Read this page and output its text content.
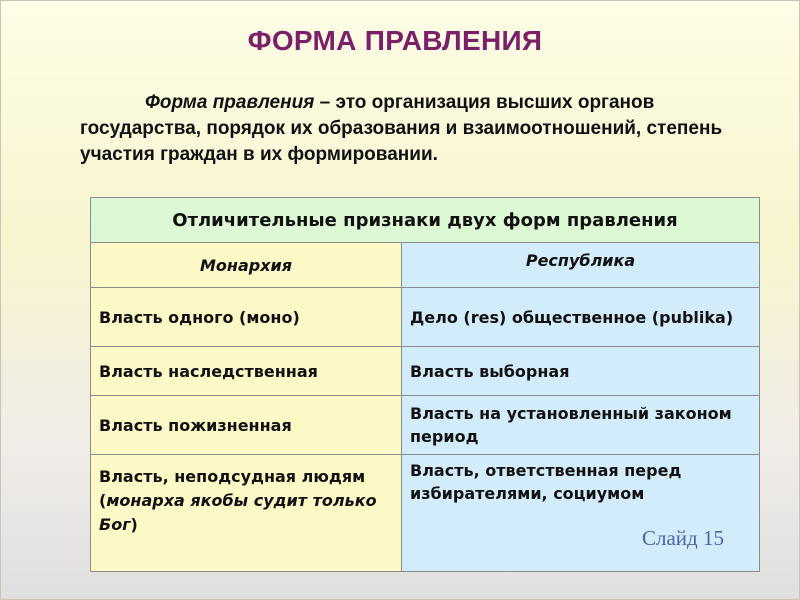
ФОРМА ПРАВЛЕНИЯ
Форма правления – это организация высших органов государства, порядок их образования и взаимоотношений, степень участия граждан в их формировании.
Отличительные признаки двух форм правления	
Монархия	Республика
Власть одного (моно)	Дело (res) общественное (publika)
Власть наследственная	Власть выборная
Власть пожизненная	Власть на установленный законом период
Власть, неподсудная людям (монарха якобы судит только Бог)	Власть, ответственная перед избирателями, социумом
Слайд 15
